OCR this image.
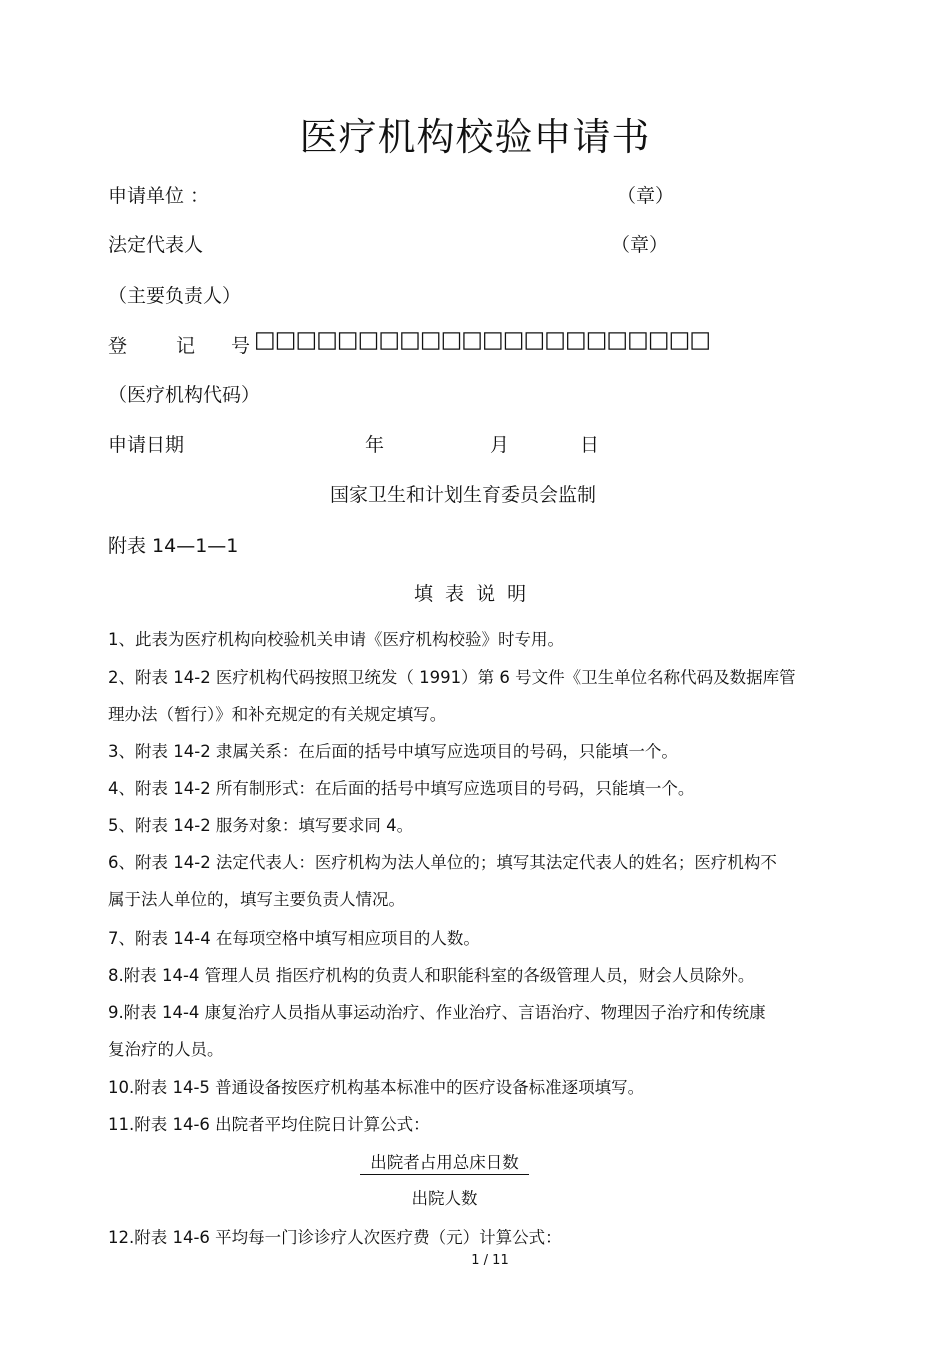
医疗机构校验申请书
申请单位 ：	（章）
法定代表人	（章）
（主要负责人）
登	记 号 □□□□□□□□□□□□□□□□□□□□□□
（医疗机构代码）
申请日期	年	月	日
国家卫生和计划生育委员会监制
附表 14—1—1
填 表 说 明
1、此表为医疗机构向校验机关申请《医疗机构校验》时专用。
2、附表 14-2 医疗机构代码按照卫统发（ 1991）第 6 号文件《卫生单位名称代码及数据库管
理办法（暂行）》和补充规定的有关规定填写。
3、附表 14-2 隶属关系：在后面的括号中填写应选项目的号码，只能填一个。
4、附表 14-2 所有制形式：在后面的括号中填写应选项目的号码，只能填一个。
5、附表 14-2 服务对象：填写要求同 4。
6、附表 14-2 法定代表人：医疗机构为法人单位的；填写其法定代表人的姓名；医疗机构不
属于法人单位的，填写主要负责人情况。
7、附表 14-4 在每项空格中填写相应项目的人数。
8.附表 14-4 管理人员 指医疗机构的负责人和职能科室的各级管理人员，财会人员除外。
9.附表 14-4 康复治疗人员指从事运动治疗、作业治疗、言语治疗、物理因子治疗和传统康
复治疗的人员。
10.附表 14-5 普通设备按医疗机构基本标准中的医疗设备标准逐项填写。
11.附表 14-6 出院者平均住院日计算公式：
出院者占用总床日数
出院人数
12.附表 14-6 平均每一门诊诊疗人次医疗费（元）计算公式：
1 / 11
